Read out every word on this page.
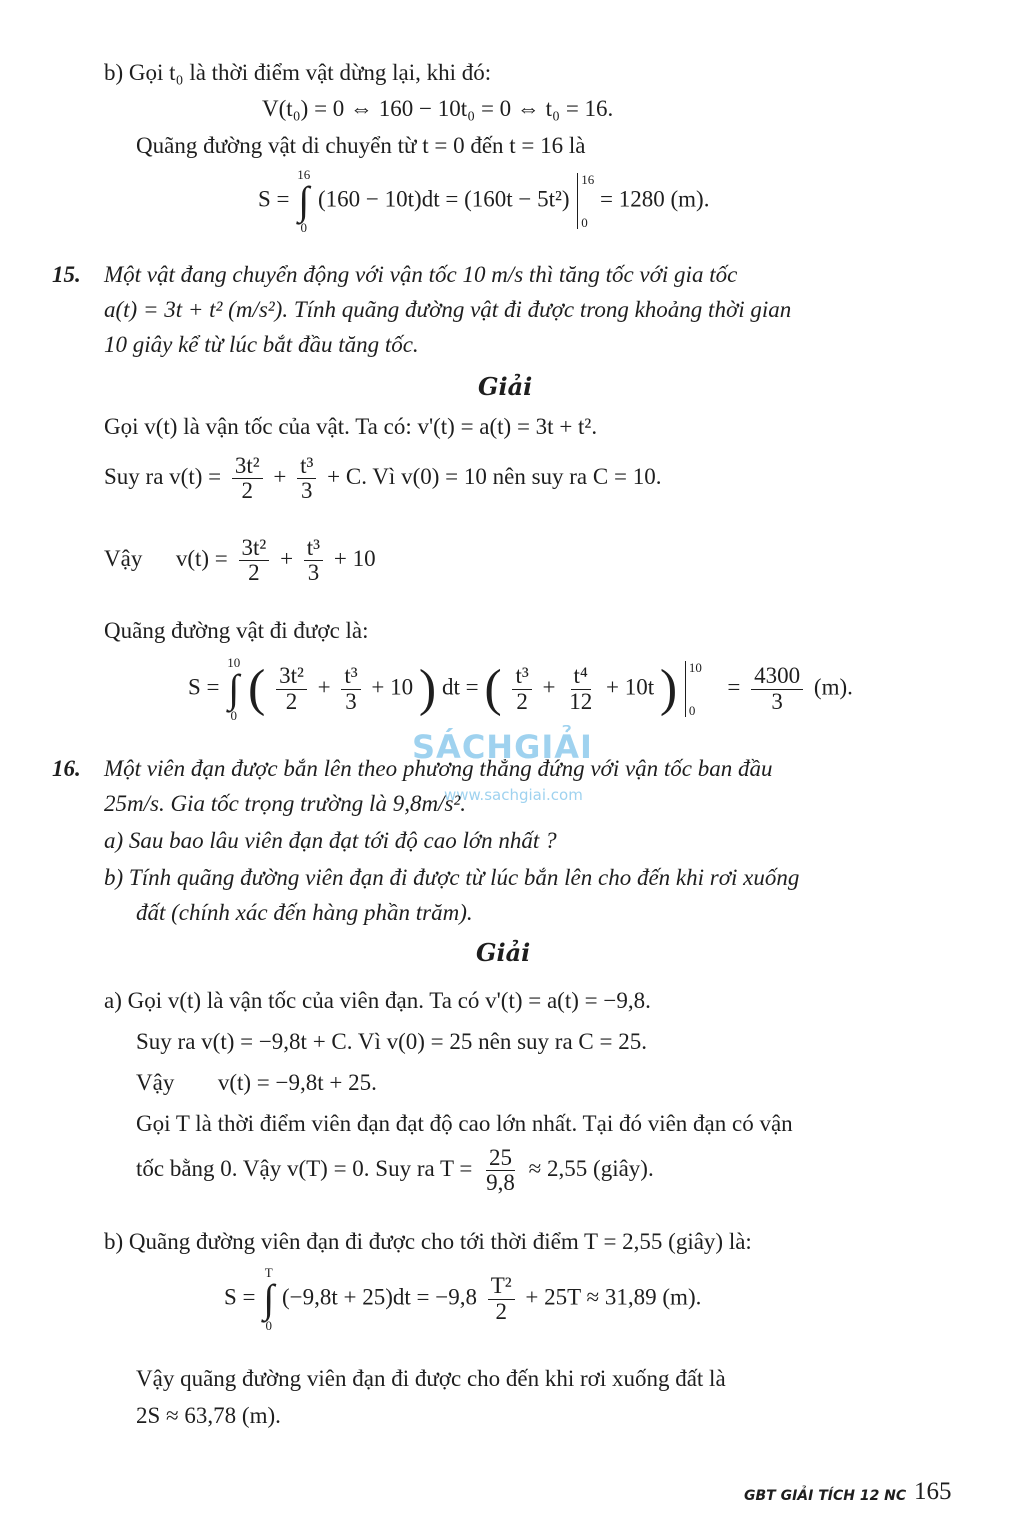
b) Gọi t₀ là thời điểm vật dừng lại, khi đó:
V(t₀) = 0 ⇔ 160 − 10t₀ = 0 ⇔ t₀ = 16.
Quãng đường vật di chuyển từ t = 0 đến t = 16 là
S =
16
∫
0
(160 − 10t)dt = (160t − 5t²)
16
0
= 1280 (m).
15. Một vật đang chuyển động với vận tốc 10 m/s thì tăng tốc với gia tốc
a(t) = 3t + t² (m/s²). Tính quãng đường vật đi được trong khoảng thời gian
10 giây kể từ lúc bắt đầu tăng tốc.
Giải
Gọi v(t) là vận tốc của vật. Ta có: v'(t) = a(t) = 3t + t².
Suy ra $v(t) = \frac{\text{3t²}}{2} + \frac{\text{t³}}{3} + C$. Vì v(0) = 10 nên suy ra C = 10.
Vậy $v(t) = \frac{\text{3t²}}{2} + \frac{\text{t³}}{3} + 10$
Quãng đường vật đi được là:
S =
10
∫
0 ( $\frac{\text{3t²}}{2} + \frac{\text{t³}}{3} + 10$ ) dt = ( $\frac{\text{t³}}{2} + \frac{\text{t⁴}}{12} + 10t$ ) 10
0
= $\frac{4300}{3} (m)$.
SÁCHGIẢI
www.sachgiai.com
16. Một viên đạn được bắn lên theo phương thẳng đứng với vận tốc ban đầu
25m/s. Gia tốc trọng trường là 9,8m/s².
a) Sau bao lâu viên đạn đạt tới độ cao lớn nhất ?
b) Tính quãng đường viên đạn đi được từ lúc bắn lên cho đến khi rơi xuống
đất (chính xác đến hàng phần trăm).
Giải
a) Gọi v(t) là vận tốc của viên đạn. Ta có v'(t) = a(t) = −9,8.
Suy ra v(t) = −9,8t + C. Vì v(0) = 25 nên suy ra C = 25.
Vậy v(t) = −9,8t + 25.
Gọi T là thời điểm viên đạn đạt độ cao lớn nhất. Tại đó viên đạn có vận
tốc bằng 0. Vậy v(T) = 0. Suy ra $T = \frac{25}{9,8} \approx 2,55$ (giây).
b) Quãng đường viên đạn đi được cho tới thời điểm T = 2,55 (giây) là:
S =
T
∫
0
$(-9,8t + 25)dt = -9,8 \frac{\text{T²}}{2} + 25T \approx 31,89$ (m).
Vậy quãng đường viên đạn đi được cho đến khi rơi xuống đất là
2S ≈ 63,78 (m).
GBT GIẢI TÍCH 12 NC 165
